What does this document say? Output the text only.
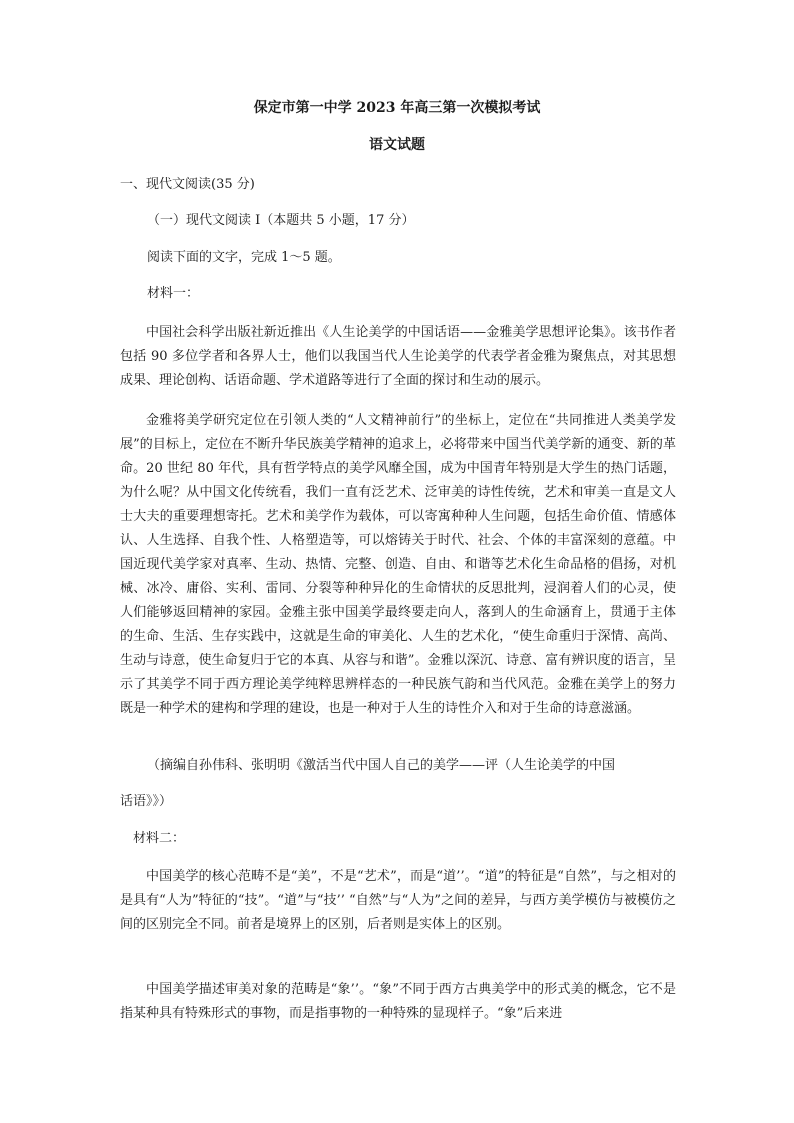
保定市第一中学 2023 年高三第一次模拟考试
语文试题
一、现代文阅读(35 分)
（一）现代文阅读 I（本题共 5 小题，17 分）
阅读下面的文字，完成 1～5 题。
材料一：

中国社会科学出版社新近推出《人生论美学的中国话语——金雅美学思想评论集》。该书作者包括 90 多位学者和各界人士，他们以我国当代人生论美学的代表学者金雅为聚焦点，对其思想成果、理论创构、话语命题、学术道路等进行了全面的探讨和生动的展示。

金雅将美学研究定位在引领人类的“人文精神前行”的坐标上，定位在“共同推进人类美学发展”的目标上，定位在不断升华民族美学精神的追求上，必将带来中国当代美学新的通变、新的革命。20 世纪 80 年代，具有哲学特点的美学风靡全国，成为中国青年特别是大学生的热门话题，为什么呢？从中国文化传统看，我们一直有泛艺术、泛审美的诗性传统，艺术和审美一直是文人士大夫的重要理想寄托。艺术和美学作为载体，可以寄寓种种人生问题，包括生命价值、情感体认、人生选择、自我个性、人格塑造等，可以熔铸关于时代、社会、个体的丰富深刻的意蕴。中国近现代美学家对真率、生动、热情、完整、创造、自由、和谐等艺术化生命品格的倡扬，对机械、冰冷、庸俗、实利、雷同、分裂等种种异化的生命情状的反思批判，浸润着人们的心灵，使人们能够返回精神的家园。金雅主张中国美学最终要走向人，落到人的生命涵育上，贯通于主体的生命、生活、生存实践中，这就是生命的审美化、人生的艺术化，“使生命重归于深情、高尚、生动与诗意，使生命复归于它的本真、从容与和谐”。金雅以深沉、诗意、富有辨识度的语言，呈示了其美学不同于西方理论美学纯粹思辨样态的一种民族气韵和当代风范。金雅在美学上的努力既是一种学术的建构和学理的建设，也是一种对于人生的诗性介入和对于生命的诗意滋涵。

（摘编自孙伟科、张明明《激活当代中国人自己的美学——评（人生论美学的中国
话语》》）
材料二：

中国美学的核心范畴不是“美”，不是“艺术”，而是“道’’。“道”的特征是“自然”，与之相对的是具有“人为”特征的“技”。“道”与“技’’ “自然”与“人为”之间的差异，与西方美学模仿与被模仿之间的区别完全不同。前者是境界上的区别，后者则是实体上的区别。

中国美学描述审美对象的范畴是“象’’。“象”不同于西方古典美学中的形式美的概念，它不是指某种具有特殊形式的事物，而是指事物的一种特殊的显现样子。“象”后来进
